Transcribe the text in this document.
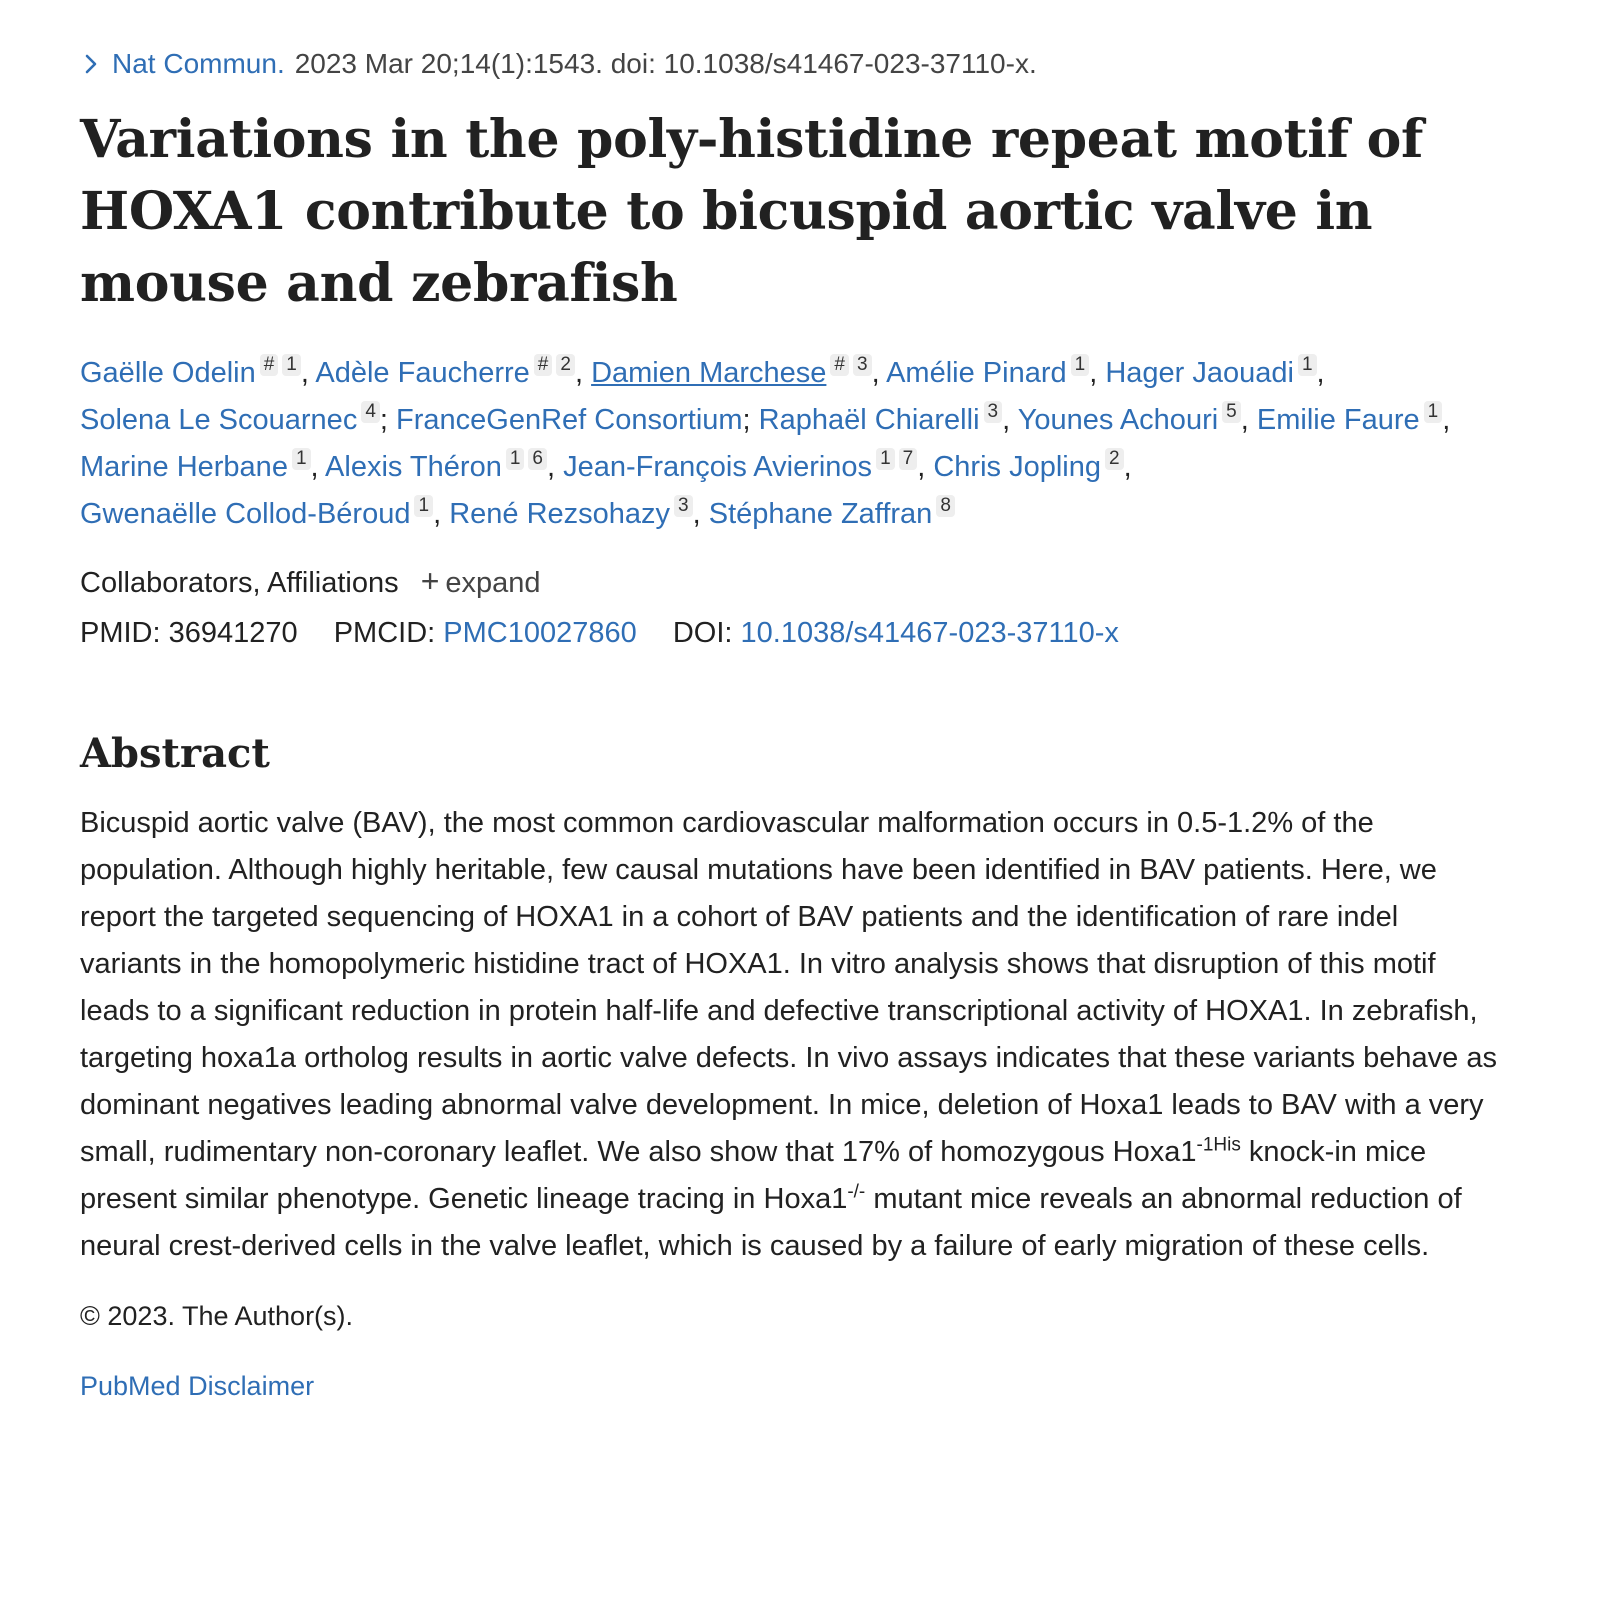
Nat Commun. 2023 Mar 20;14(1):1543. doi: 10.1038/s41467-023-37110-x.
Variations in the poly-histidine repeat motif of HOXA1 contribute to bicuspid aortic valve in mouse and zebrafish
Gaëlle Odelin # 1 , Adèle Faucherre # 2 , Damien Marchese # 3 , Amélie Pinard 1 , Hager Jaouadi 1 , Solena Le Scouarnec 4 ; FranceGenRef Consortium; Raphaël Chiarelli 3 , Younes Achouri 5 , Emilie Faure 1 , Marine Herbane 1 , Alexis Théron 1 6 , Jean-François Avierinos 1 7 , Chris Jopling 2 , Gwenaëlle Collod-Béroud 1 , René Rezsohazy 3 , Stéphane Zaffran 8
Collaborators, Affiliations + expand
PMID: 36941270 PMCID: PMC10027860 DOI: 10.1038/s41467-023-37110-x
Abstract
Bicuspid aortic valve (BAV), the most common cardiovascular malformation occurs in 0.5-1.2% of the population. Although highly heritable, few causal mutations have been identified in BAV patients. Here, we report the targeted sequencing of HOXA1 in a cohort of BAV patients and the identification of rare indel variants in the homopolymeric histidine tract of HOXA1. In vitro analysis shows that disruption of this motif leads to a significant reduction in protein half-life and defective transcriptional activity of HOXA1. In zebrafish, targeting hoxa1a ortholog results in aortic valve defects. In vivo assays indicates that these variants behave as dominant negatives leading abnormal valve development. In mice, deletion of Hoxa1 leads to BAV with a very small, rudimentary non-coronary leaflet. We also show that 17% of homozygous $Hoxa1^{-1His}$ knock-in mice present similar phenotype. Genetic lineage tracing in Hoxa1-/- mutant mice reveals an abnormal reduction of neural crest-derived cells in the valve leaflet, which is caused by a failure of early migration of these cells.
© 2023. The Author(s).
PubMed Disclaimer
